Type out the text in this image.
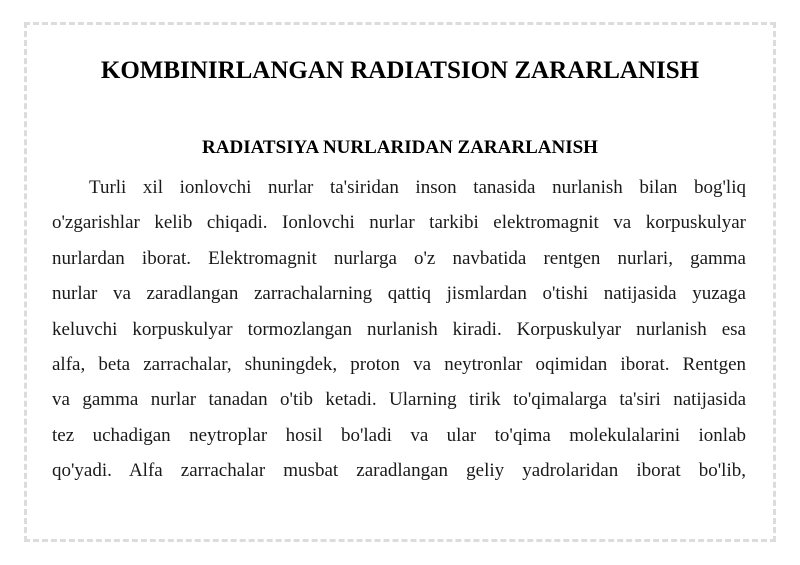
KOMBINIRLANGAN RADIATSION ZARARLANISH
RADIATSIYA NURLARIDAN ZARARLANISH
Turli xil ionlovchi nurlar ta'siridan inson tanasida nurlanish bilan bog'liq
o'zgarishlar kelib chiqadi. Ionlovchi nurlar tarkibi elektromagnit va korpuskulyar
nurlardan iborat. Elektromagnit nurlarga o'z navbatida rentgen nurlari, gamma
nurlar va zaradlangan zarrachalarning qattiq jismlardan o'tishi natijasida yuzaga
keluvchi korpuskulyar tormozlangan nurlanish kiradi. Korpuskulyar nurlanish esa
alfa, beta zarrachalar, shuningdek, proton va neytronlar oqimidan iborat. Rentgen
va gamma nurlar tanadan o'tib ketadi. Ularning tirik to'qimalarga ta'siri natijasida
tez uchadigan neytroplar hosil bo'ladi va ular to'qima molekulalarini ionlab
qo'yadi. Alfa zarrachalar musbat zaradlangan geliy yadrolaridan iborat bo'lib,
